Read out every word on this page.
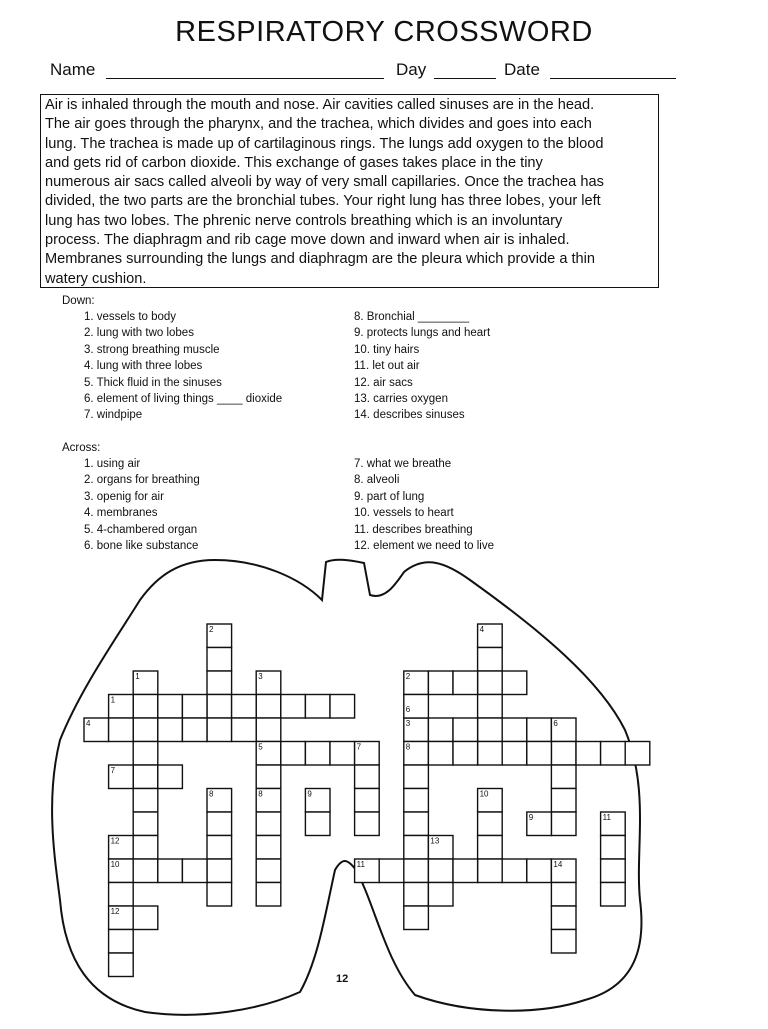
RESPIRATORY CROSSWORD
Name	Day	Date
Air is inhaled through the mouth and nose. Air cavities called sinuses are in the head.
The air goes through the pharynx, and the trachea, which divides and goes into each
lung. The trachea is made up of cartilaginous rings. The lungs add oxygen to the blood
and gets rid of carbon dioxide. This exchange of gases takes place in the tiny
numerous air sacs called alveoli by way of very small capillaries. Once the trachea has
divided, the two parts are the bronchial tubes. Your right lung has three lobes, your left
lung has two lobes. The phrenic nerve controls breathing which is an involuntary
process. The diaphragm and rib cage move down and inward when air is inhaled.
Membranes surrounding the lungs and diaphragm are the pleura which provide a thin
watery cushion.
Down:
1. vessels to body
2. lung with two lobes
3. strong breathing muscle
4. lung with three lobes
5. Thick fluid in the sinuses
6. element of living things ____ dioxide
7. windpipe
8. Bronchial ________
9. protects lungs and heart
10. tiny hairs
11. let out air
12. air sacs
13. carries oxygen
14. describes sinuses
Across:
1. using air
2. organs for breathing
3. openig for air
4. membranes
5. 4-chambered organ
6. bone like substance
7. what we breathe
8. alveoli
9. part of lung
10. vessels to heart
11. describes breathing
12. element we need to live
2	4
1	3	2
1
6
3
4	6
5	7	8
7
8	8	9	10
9	11
12	13
10	11	14
12
12
